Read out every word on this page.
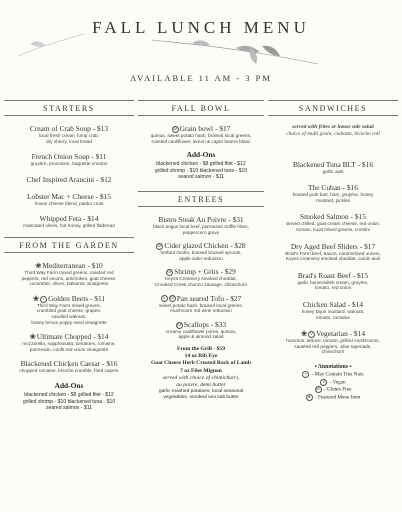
FALL LUNCH MENU
AVAILABLE 11 AM - 3 PM
STARTERS
Cream of Crab Soup - $13
local fresh cream, lump crab,
dry sherry, local bread
French Onion Soup - $11
gruyère, provolone, baguette crouton
Chef Inspired Arancini - $12
Lobster Mac + Cheese - $15
house cheese blend, panko crust
Whipped Feta - $14
marinated olives, hot honey, grilled flatbread
FROM THE GARDEN
❀Mediterranean - $10
Third Way Farm mixed greens, roasted red
peppers, red onions, artichokes, goat cheese,
cucumber, olives, balsamic vinaigrette
❀ ∿ Golden Beets - $11
Third Way Farm mixed greens,
crumbled goat cheese, grapes,
candied walnuts,
honey lemon poppy seed vinaigrette
❀Ultimate Chopped - $14
mozzarella, soppressata, tomatoes, romaine,
parmesan, confit red onion vinaigrette
Blackened Chicken Caesar - $16
chopped romaine, brioche crumble, fried capers
Add-Ons
blackened chicken - $8 grilled filet - $12
grilled shrimp - $10 blackened tuna - $10
seared salmon - $11
FALL BOWL
GF Grain bowl - $17
quinoa, sweet potato hash, braised local greens,
roasted cauliflower, lemon & caper beurre blanc
Add-Ons
blackened chicken - $8 grilled filet - $12
grilled shrimp - $10 blackened tuna - $10
seared salmon - $11
ENTREES
Bistro Steak Au Poivre - $31
black angus local beef, parmesan truffle frites,
peppercorn gravy
GF Cider glazed Chicken - $28
herbed risotto, braised brussel sprouts,
apple cider reduction
GF Shrimp + Grits - $29
Keyes Creamery smoked cheddar,
Crooked Creek chorizo sausage, chimichurri
V GF Pan seared Tofu - $27
sweet potato hash, braised local greens,
mushroom red wine reduction
GF Scallops - $33
creamy cauliflower puree, quinoa,
apple & almond salad
From the Grill - $59
14 oz Rib Eye
Goat Cheese Herb Crusted Rack of Lamb
7 oz Filet Mignon
served with choice of chimichurri,
au poivre, demi butter
garlic mashed potatoes, local seasonal
vegetables, smoked sea salt butter
SANDWICHES
served with frites or house side salad
choice of multi grain, ciabatta, brioche roll
Blackened Tuna BLT - $16
garlic aioli
The Cuban - $16
braised pork butt, ham, gruyère, honey
mustard, pickles
Smoked Salmon - $15
served chilled, goat cream cheese, red onion,
tomato, local mixed greens, crostini
Dry Aged Beef Sliders - $17
Brad's Farm beef, bacon, caramelized onions,
Keyes creamery smoked cheddar, cumin aioli
Brad's Roast Beef - $15
garlic horseradish cream, gruyère,
tomato, red onion
Chicken Salad - $14
honey Dijon mustard, walnuts,
tomato, romaine
❀ V Vegetarian - $14
hummus, lettuce, tomato, grilled mushrooms,
sautéed red peppers, olive tapenade,
chimichurri
▪ Annotations ▪
∿ - May Contain Tree Nuts
V - Vegan
GF - Gluten Free
❀ - Featured Menu Item
